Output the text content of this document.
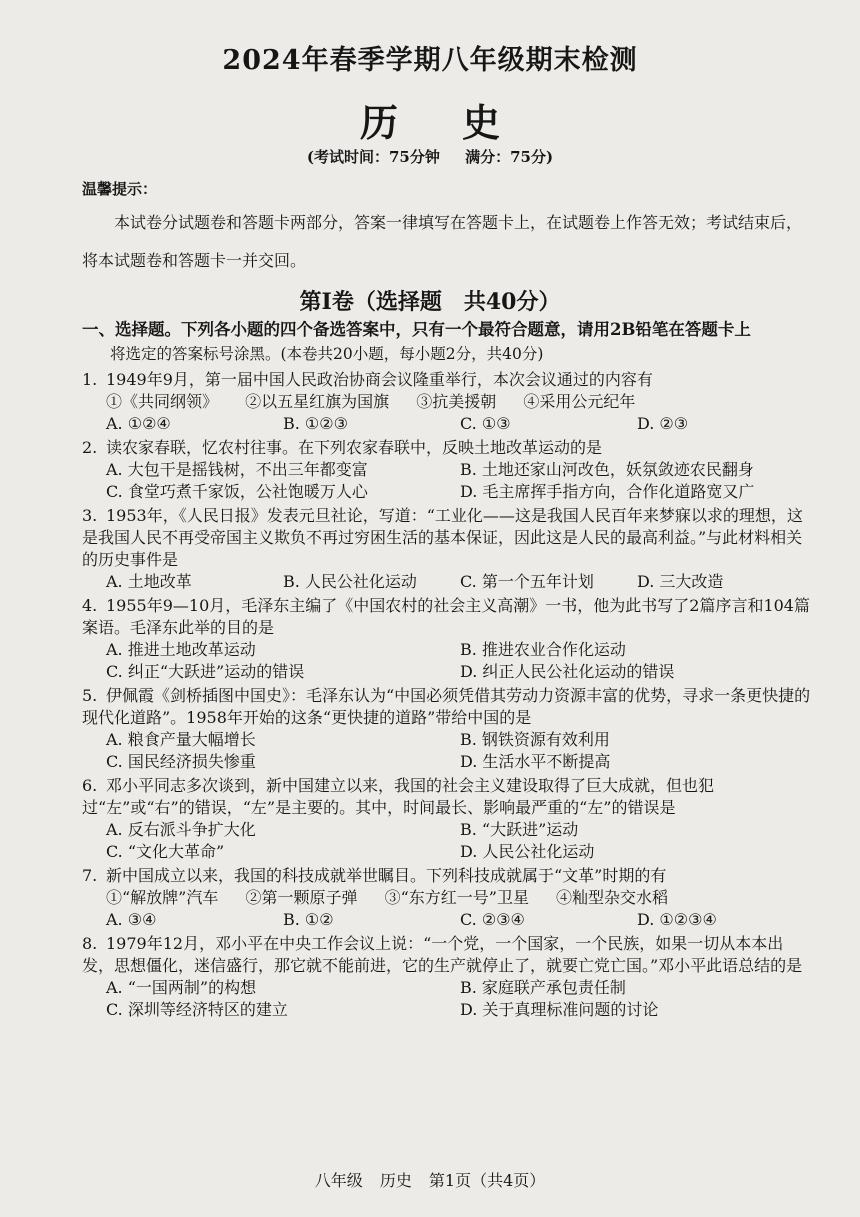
2024年春季学期八年级期末检测
历史
(考试时间：75分钟 满分：75分)
温馨提示：
本试卷分试题卷和答题卡两部分，答案一律填写在答题卡上，在试题卷上作答无效；考试结束后，将本试题卷和答题卡一并交回。
第Ⅰ卷（选择题　共40分）
一、选择题。下列各小题的四个备选答案中，只有一个最符合题意，请用2B铅笔在答题卡上
将选定的答案标号涂黑。(本卷共20小题，每小题2分，共40分)
1. 1949年9月，第一届中国人民政治协商会议隆重举行，本次会议通过的内容有
①《共同纲领》 ②以五星红旗为国旗 ③抗美援朝 ④采用公元纪年
A. ①②④	B. ①②③	C. ①③	D. ②③
2. 读农家春联，忆农村往事。在下列农家春联中，反映土地改革运动的是
A. 大包干是摇钱树，不出三年都变富	B. 土地还家山河改色，妖氛敛迹农民翻身
C. 食堂巧煮千家饭，公社饱暖万人心	D. 毛主席挥手指方向，合作化道路宽又广
3. 1953年，《人民日报》发表元旦社论，写道：“工业化——这是我国人民百年来梦寐以求的理想，这是我国人民不再受帝国主义欺负不再过穷困生活的基本保证，因此这是人民的最高利益。”与此材料相关的历史事件是
A. 土地改革	B. 人民公社化运动	C. 第一个五年计划	D. 三大改造
4. 1955年9—10月，毛泽东主编了《中国农村的社会主义高潮》一书，他为此书写了2篇序言和104篇案语。毛泽东此举的目的是
A. 推进土地改革运动	B. 推进农业合作化运动
C. 纠正“大跃进”运动的错误	D. 纠正人民公社化运动的错误
5. 伊佩霞《剑桥插图中国史》：毛泽东认为“中国必须凭借其劳动力资源丰富的优势，寻求一条更快捷的现代化道路”。1958年开始的这条“更快捷的道路”带给中国的是
A. 粮食产量大幅增长	B. 钢铁资源有效利用
C. 国民经济损失惨重	D. 生活水平不断提高
6. 邓小平同志多次谈到，新中国建立以来，我国的社会主义建设取得了巨大成就，但也犯过“左”或“右”的错误，“左”是主要的。其中，时间最长、影响最严重的“左”的错误是
A. 反右派斗争扩大化	B. “大跃进”运动
C. “文化大革命”	D. 人民公社化运动
7. 新中国成立以来，我国的科技成就举世瞩目。下列科技成就属于“文革”时期的有
①“解放牌”汽车 ②第一颗原子弹 ③“东方红一号”卫星 ④籼型杂交水稻
A. ③④	B. ①②	C. ②③④	D. ①②③④
8. 1979年12月，邓小平在中央工作会议上说：“一个党，一个国家，一个民族，如果一切从本本出发，思想僵化，迷信盛行，那它就不能前进，它的生产就停止了，就要亡党亡国。”邓小平此语总结的是
A. “一国两制”的构想	B. 家庭联产承包责任制
C. 深圳等经济特区的建立	D. 关于真理标准问题的讨论
八年级 历史 第1页（共4页）
